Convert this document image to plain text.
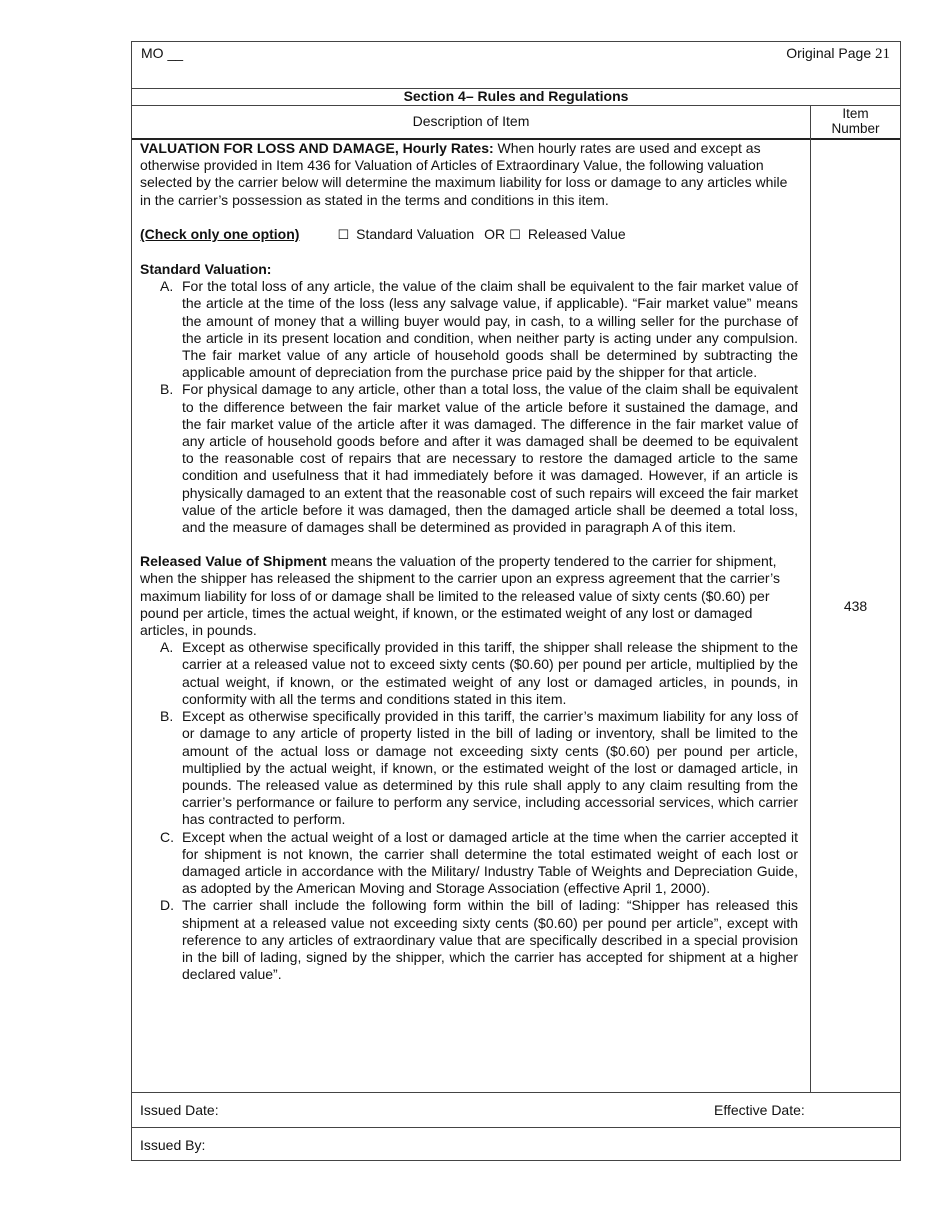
MO __	Original Page 21
Section 4– Rules and Regulations
Description of Item	Item
Number

VALUATION FOR LOSS AND DAMAGE, Hourly Rates: When hourly rates are used and except as otherwise provided in Item 436 for Valuation of Articles of Extraordinary Value, the following valuation selected by the carrier below will determine the maximum liability for loss or damage to any articles while in the carrier’s possession as stated in the terms and conditions in this item.

(Check only one option)	☐ Standard Valuation OR ☐ Released Value

Standard Valuation:

A. For the total loss of any article, the value of the claim shall be equivalent to the fair market value of the article at the time of the loss (less any salvage value, if applicable). “Fair market value” means the amount of money that a willing buyer would pay, in cash, to a willing seller for the purchase of the article in its present location and condition, when neither party is acting under any compulsion. The fair market value of any article of household goods shall be determined by subtracting the applicable amount of depreciation from the purchase price paid by the shipper for that article.
B. For physical damage to any article, other than a total loss, the value of the claim shall be equivalent to the difference between the fair market value of the article before it sustained the damage, and the fair market value of the article after it was damaged. The difference in the fair market value of any article of household goods before and after it was damaged shall be deemed to be equivalent to the reasonable cost of repairs that are necessary to restore the damaged article to the same condition and usefulness that it had immediately before it was damaged. However, if an article is physically damaged to an extent that the reasonable cost of such repairs will exceed the fair market value of the article before it was damaged, then the damaged article shall be deemed a total loss, and the measure of damages shall be determined as provided in paragraph A of this item.

Released Value of Shipment means the valuation of the property tendered to the carrier for shipment, when the shipper has released the shipment to the carrier upon an express agreement that the carrier’s maximum liability for loss of or damage shall be limited to the released value of sixty cents ($0.60) per pound per article, times the actual weight, if known, or the estimated weight of any lost or damaged articles, in pounds.

A. Except as otherwise specifically provided in this tariff, the shipper shall release the shipment to the carrier at a released value not to exceed sixty cents ($0.60) per pound per article, multiplied by the actual weight, if known, or the estimated weight of any lost or damaged articles, in pounds, in conformity with all the terms and conditions stated in this item.
B. Except as otherwise specifically provided in this tariff, the carrier’s maximum liability for any loss of or damage to any article of property listed in the bill of lading or inventory, shall be limited to the amount of the actual loss or damage not exceeding sixty cents ($0.60) per pound per article, multiplied by the actual weight, if known, or the estimated weight of the lost or damaged article, in pounds. The released value as determined by this rule shall apply to any claim resulting from the carrier’s performance or failure to perform any service, including accessorial services, which carrier has contracted to perform.
C. Except when the actual weight of a lost or damaged article at the time when the carrier accepted it for shipment is not known, the carrier shall determine the total estimated weight of each lost or damaged article in accordance with the Military/ Industry Table of Weights and Depreciation Guide, as adopted by the American Moving and Storage Association (effective April 1, 2000).
D. The carrier shall include the following form within the bill of lading: “Shipper has released this shipment at a released value not exceeding sixty cents ($0.60) per pound per article”, except with reference to any articles of extraordinary value that are specifically described in a special provision in the bill of lading, signed by the shipper, which the carrier has accepted for shipment at a higher declared value”.
438
Issued Date:	Effective Date:
Issued By:
